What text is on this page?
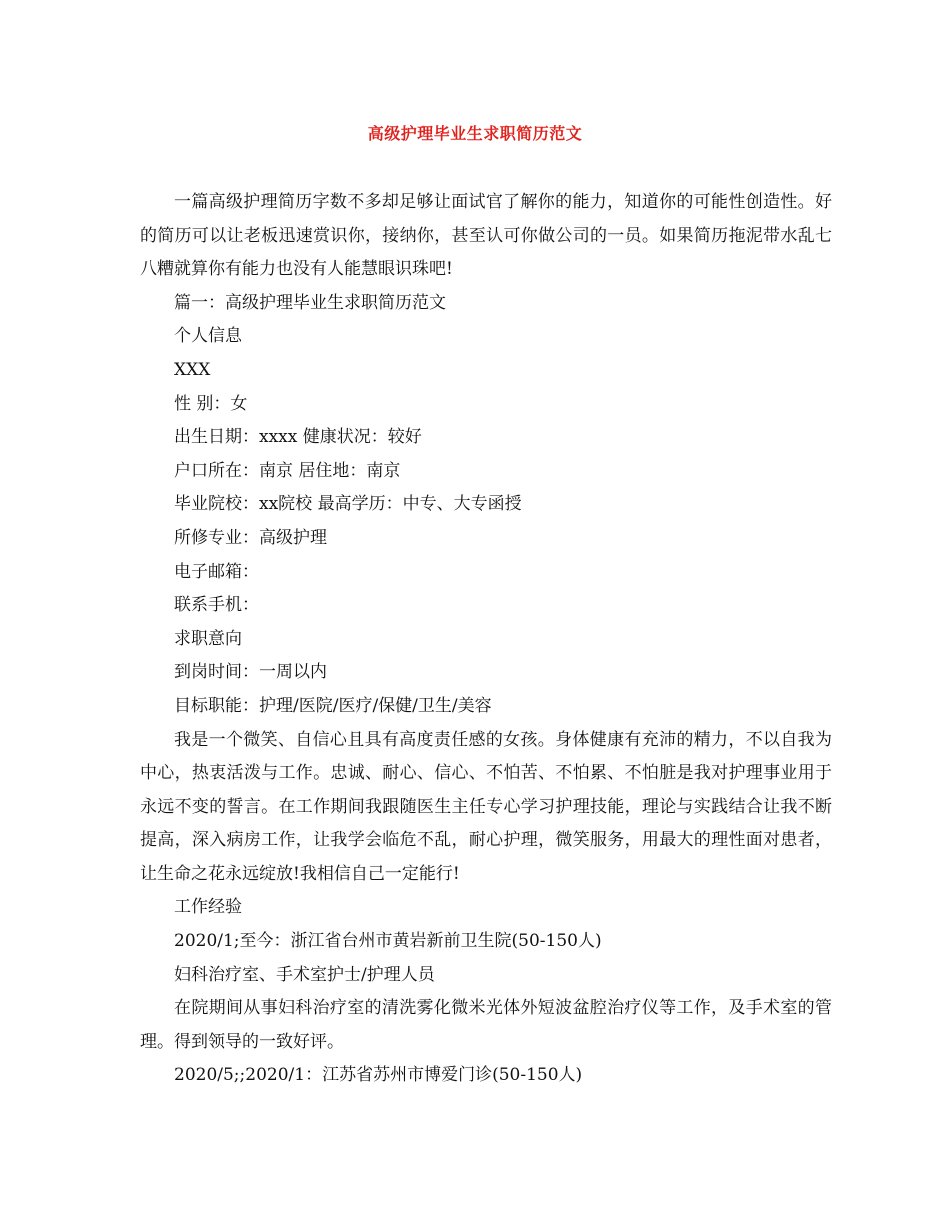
高级护理毕业生求职简历范文

一篇高级护理简历字数不多却足够让面试官了解你的能力，知道你的可能性创造性。好的简历可以让老板迅速赏识你，接纳你，甚至认可你做公司的一员。如果简历拖泥带水乱七八糟就算你有能力也没有人能慧眼识珠吧!

篇一：高级护理毕业生求职简历范文

个人信息

XXX

性 别：女

出生日期：xxxx 健康状况：较好

户口所在：南京 居住地：南京

毕业院校：xx院校 最高学历：中专、大专函授

所修专业：高级护理

电子邮箱：

联系手机：

求职意向

到岗时间：一周以内

目标职能：护理/医院/医疗/保健/卫生/美容

我是一个微笑、自信心且具有高度责任感的女孩。身体健康有充沛的精力，不以自我为中心，热衷活泼与工作。忠诚、耐心、信心、不怕苦、不怕累、不怕脏是我对护理事业用于永远不变的誓言。在工作期间我跟随医生主任专心学习护理技能，理论与实践结合让我不断提高，深入病房工作，让我学会临危不乱，耐心护理，微笑服务，用最大的理性面对患者，让生命之花永远绽放!我相信自己一定能行!

工作经验

2020/1;至今：浙江省台州市黄岩新前卫生院(50-150人)

妇科治疗室、手术室护士/护理人员

在院期间从事妇科治疗室的清洗雾化微米光体外短波盆腔治疗仪等工作，及手术室的管理。得到领导的一致好评。

2020/5;;2020/1：江苏省苏州市博爱门诊(50-150人)
